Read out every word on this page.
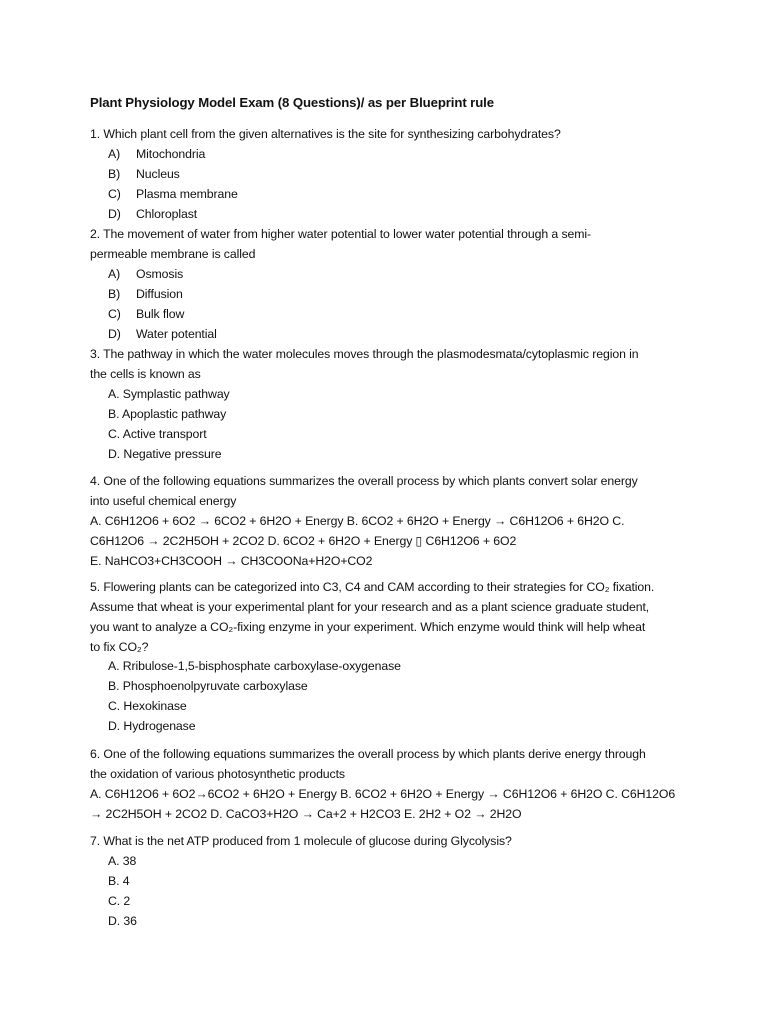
Plant Physiology Model Exam (8 Questions)/ as per Blueprint rule
1. Which plant cell from the given alternatives is the site for synthesizing carbohydrates?
A) Mitochondria
B) Nucleus
C) Plasma membrane
D) Chloroplast
2. The movement of water from higher water potential to lower water potential through a semi-
permeable membrane is called
A) Osmosis
B) Diffusion
C) Bulk flow
D) Water potential
3. The pathway in which the water molecules moves through the plasmodesmata/cytoplasmic region in
the cells is known as
A. Symplastic pathway
B. Apoplastic pathway
C. Active transport
D. Negative pressure
4. One of the following equations summarizes the overall process by which plants convert solar energy
into useful chemical energy
A. C6H12O6 + 6O2 → 6CO2 + 6H2O + Energy B. 6CO2 + 6H2O + Energy → C6H12O6 + 6H2O C.
C6H12O6 → 2C2H5OH + 2CO2 D. 6CO2 + 6H2O + Energy ▯ C6H12O6 + 6O2
E. NaHCO3+CH3COOH → CH3COONa+H2O+CO2
5. Flowering plants can be categorized into C3, C4 and CAM according to their strategies for CO₂ fixation.
Assume that wheat is your experimental plant for your research and as a plant science graduate student,
you want to analyze a CO₂-fixing enzyme in your experiment. Which enzyme would think will help wheat
to fix CO₂?
A. Rribulose-1,5-bisphosphate carboxylase-oxygenase
B. Phosphoenolpyruvate carboxylase
C. Hexokinase
D. Hydrogenase
6. One of the following equations summarizes the overall process by which plants derive energy through
the oxidation of various photosynthetic products
A. C6H12O6 + 6O2→6CO2 + 6H2O + Energy B. 6CO2 + 6H2O + Energy → C6H12O6 + 6H2O C. C6H12O6
→ 2C2H5OH + 2CO2 D. CaCO3+H2O → Ca+2 + H2CO3 E. 2H2 + O2 → 2H2O
7. What is the net ATP produced from 1 molecule of glucose during Glycolysis?
A. 38
B. 4
C. 2
D. 36
